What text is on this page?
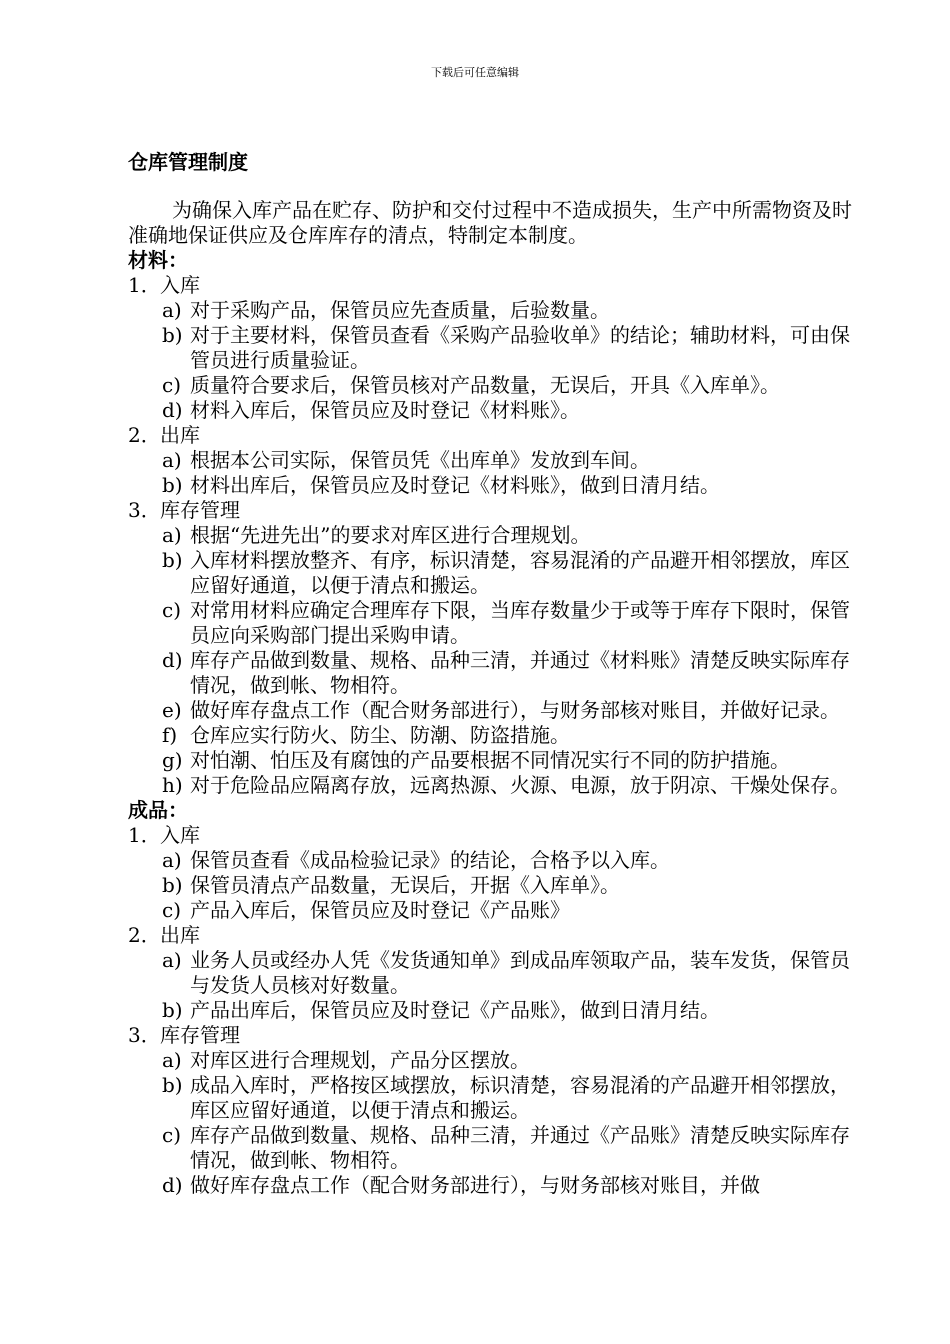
下载后可任意编辑
仓库管理制度

为确保入库产品在贮存、防护和交付过程中不造成损失，生产中所需物资及时准确地保证供应及仓库库存的清点，特制定本制度。

材料：

1． 入库

a) 对于采购产品，保管员应先查质量，后验数量。

b) 对于主要材料，保管员查看《采购产品验收单》的结论；辅助材料，可由保管员进行质量验证。

c) 质量符合要求后，保管员核对产品数量，无误后，开具《入库单》。

d) 材料入库后，保管员应及时登记《材料账》。

2． 出库

a) 根据本公司实际，保管员凭《出库单》发放到车间。

b) 材料出库后，保管员应及时登记《材料账》，做到日清月结。

3． 库存管理

a) 根据“先进先出”的要求对库区进行合理规划。

b) 入库材料摆放整齐、有序，标识清楚，容易混淆的产品避开相邻摆放，库区应留好通道，以便于清点和搬运。

c) 对常用材料应确定合理库存下限，当库存数量少于或等于库存下限时，保管员应向采购部门提出采购申请。

d) 库存产品做到数量、规格、品种三清，并通过《材料账》清楚反映实际库存情况，做到帐、物相符。

e) 做好库存盘点工作（配合财务部进行），与财务部核对账目，并做好记录。

f) 仓库应实行防火、防尘、防潮、防盗措施。

g) 对怕潮、怕压及有腐蚀的产品要根据不同情况实行不同的防护措施。

h) 对于危险品应隔离存放，远离热源、火源、电源，放于阴凉、干燥处保存。

成品：

1． 入库

a) 保管员查看《成品检验记录》的结论，合格予以入库。

b) 保管员清点产品数量，无误后，开据《入库单》。

c) 产品入库后，保管员应及时登记《产品账》

2． 出库

a) 业务人员或经办人凭《发货通知单》到成品库领取产品，装车发货，保管员与发货人员核对好数量。

b) 产品出库后，保管员应及时登记《产品账》，做到日清月结。

3． 库存管理

a) 对库区进行合理规划，产品分区摆放。

b) 成品入库时，严格按区域摆放，标识清楚，容易混淆的产品避开相邻摆放，库区应留好通道，以便于清点和搬运。

c) 库存产品做到数量、规格、品种三清，并通过《产品账》清楚反映实际库存情况，做到帐、物相符。

d) 做好库存盘点工作（配合财务部进行），与财务部核对账目，并做
